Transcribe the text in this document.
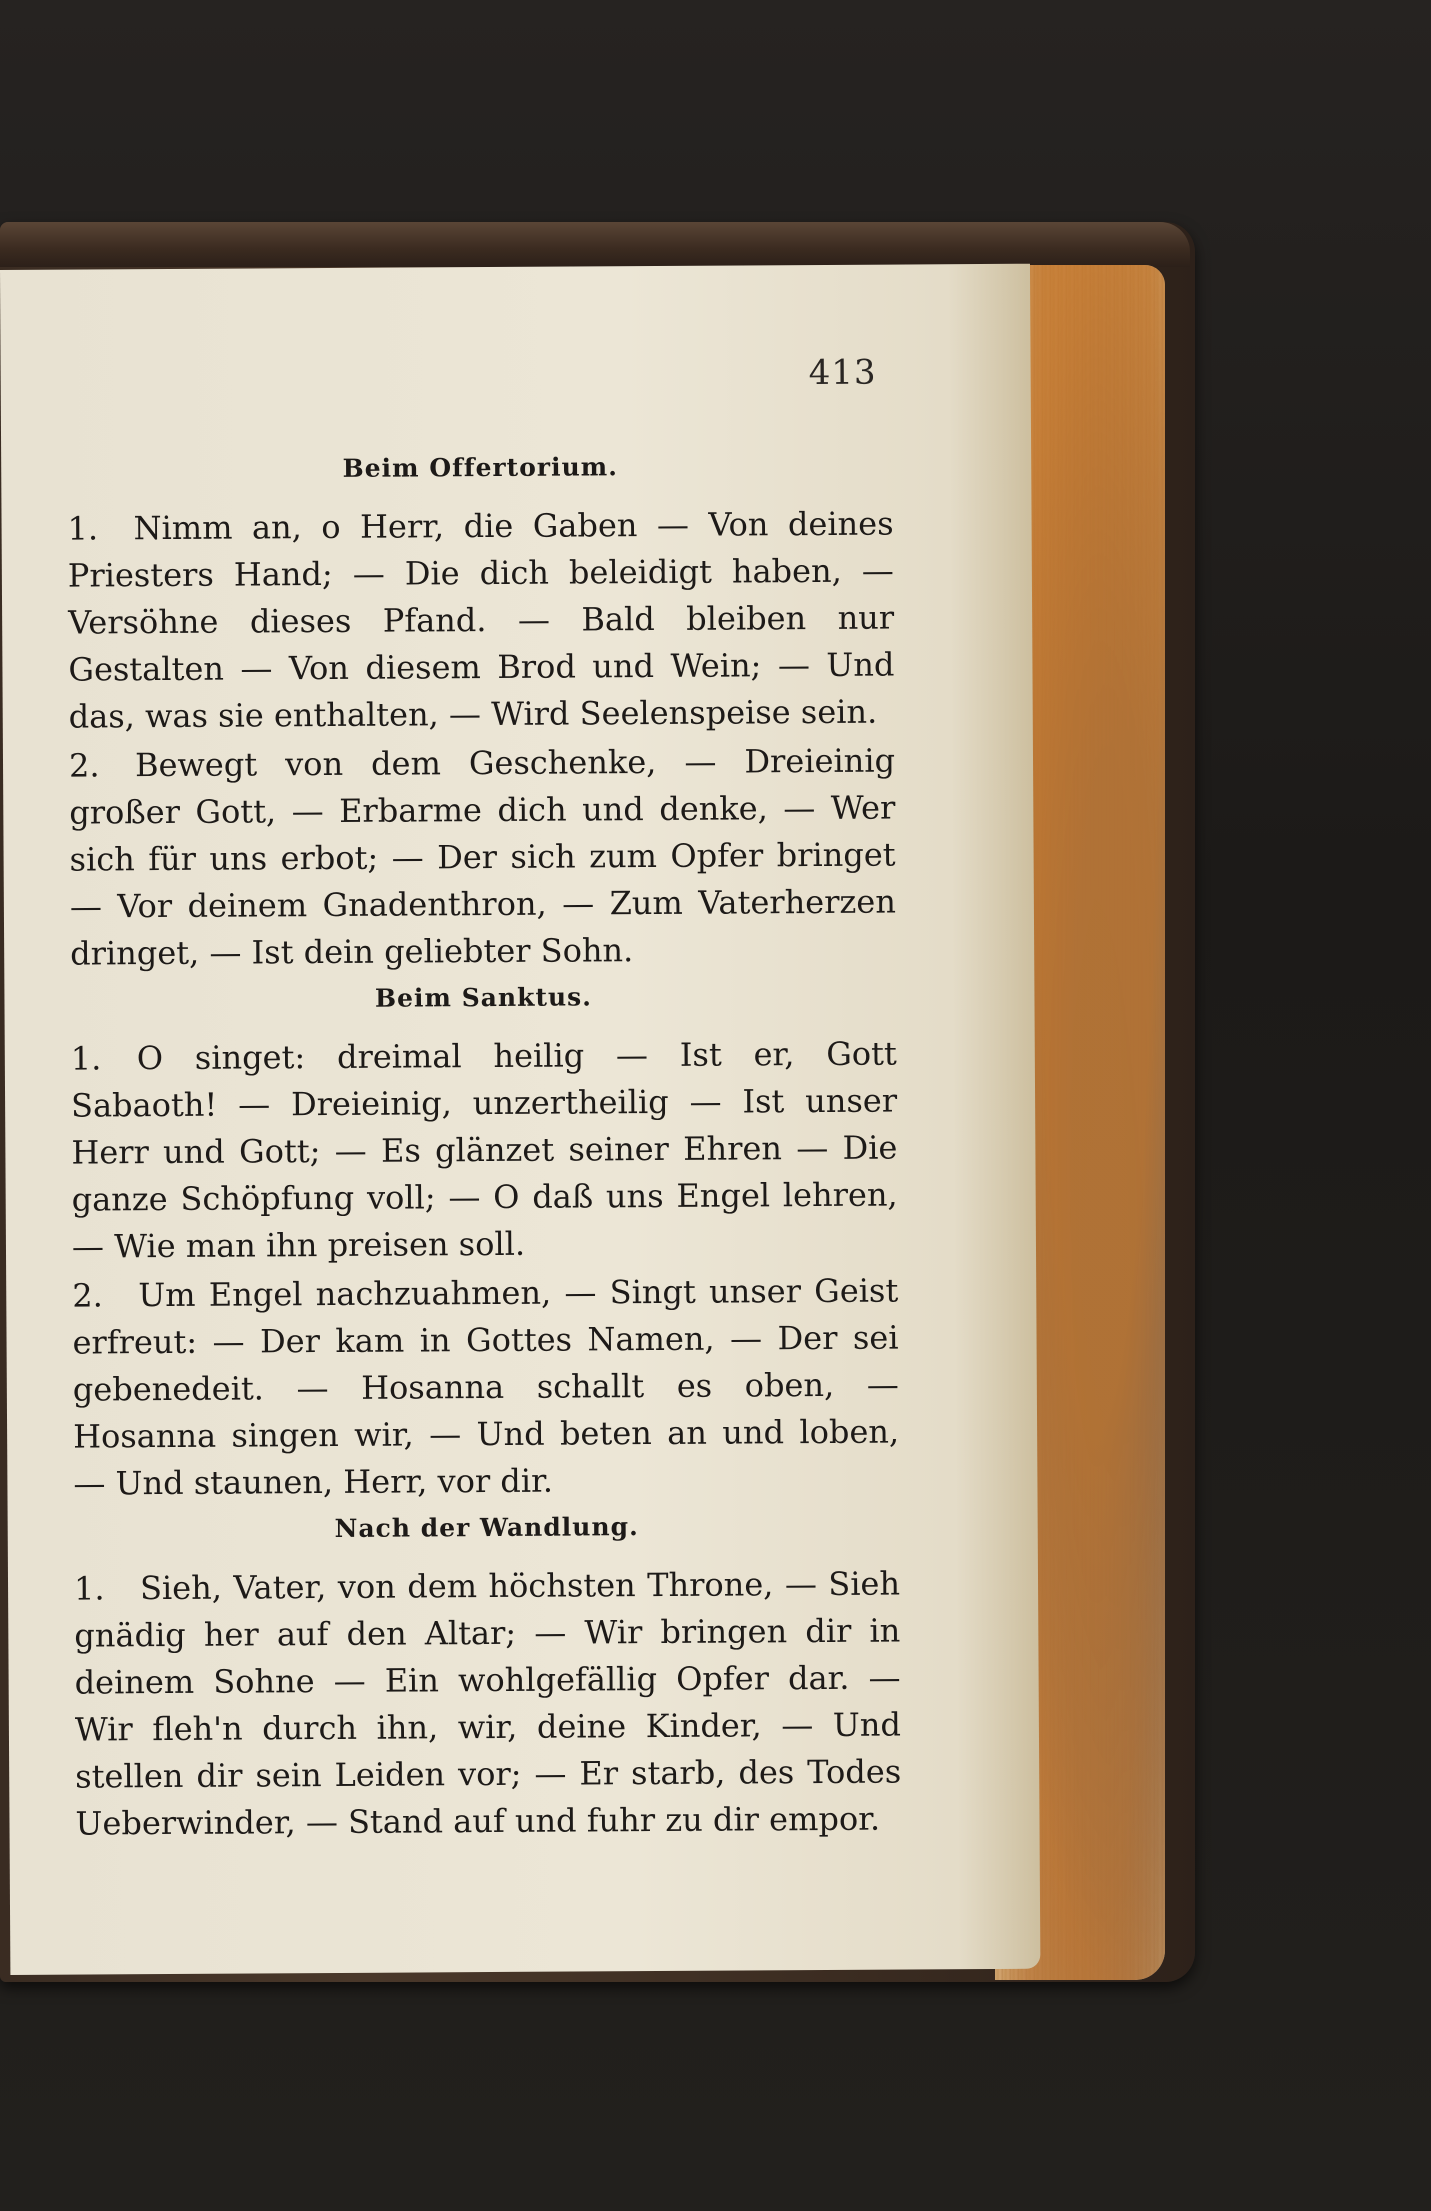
413
Beim Offertorium.

1. Nimm an, o Herr, die Gaben — Von deines Priesters Hand; — Die dich beleidigt haben, — Versöhne dieses Pfand. — Bald bleiben nur Gestalten — Von diesem Brod und Wein; — Und das, was sie enthalten, — Wird Seelenspeise sein.

2. Bewegt von dem Geschenke, — Dreieinig großer Gott, — Erbarme dich und denke, — Wer sich für uns erbot; — Der sich zum Opfer bringet — Vor deinem Gnadenthron, — Zum Vaterherzen dringet, — Ist dein geliebter Sohn.

Beim Sanktus.

1. O singet: dreimal heilig — Ist er, Gott Sabaoth! — Dreieinig, unzertheilig — Ist unser Herr und Gott; — Es glänzet seiner Ehren — Die ganze Schöpfung voll; — O daß uns Engel lehren, — Wie man ihn preisen soll.

2. Um Engel nachzuahmen, — Singt unser Geist erfreut: — Der kam in Gottes Namen, — Der sei gebenedeit. — Hosanna schallt es oben, — Hosanna singen wir, — Und beten an und loben, — Und staunen, Herr, vor dir.

Nach der Wandlung.

1. Sieh, Vater, von dem höchsten Throne, — Sieh gnädig her auf den Altar; — Wir bringen dir in deinem Sohne — Ein wohlgefällig Opfer dar. — Wir fleh'n durch ihn, wir, deine Kinder, — Und stellen dir sein Leiden vor; — Er starb, des Todes Ueberwinder, — Stand auf und fuhr zu dir empor.
